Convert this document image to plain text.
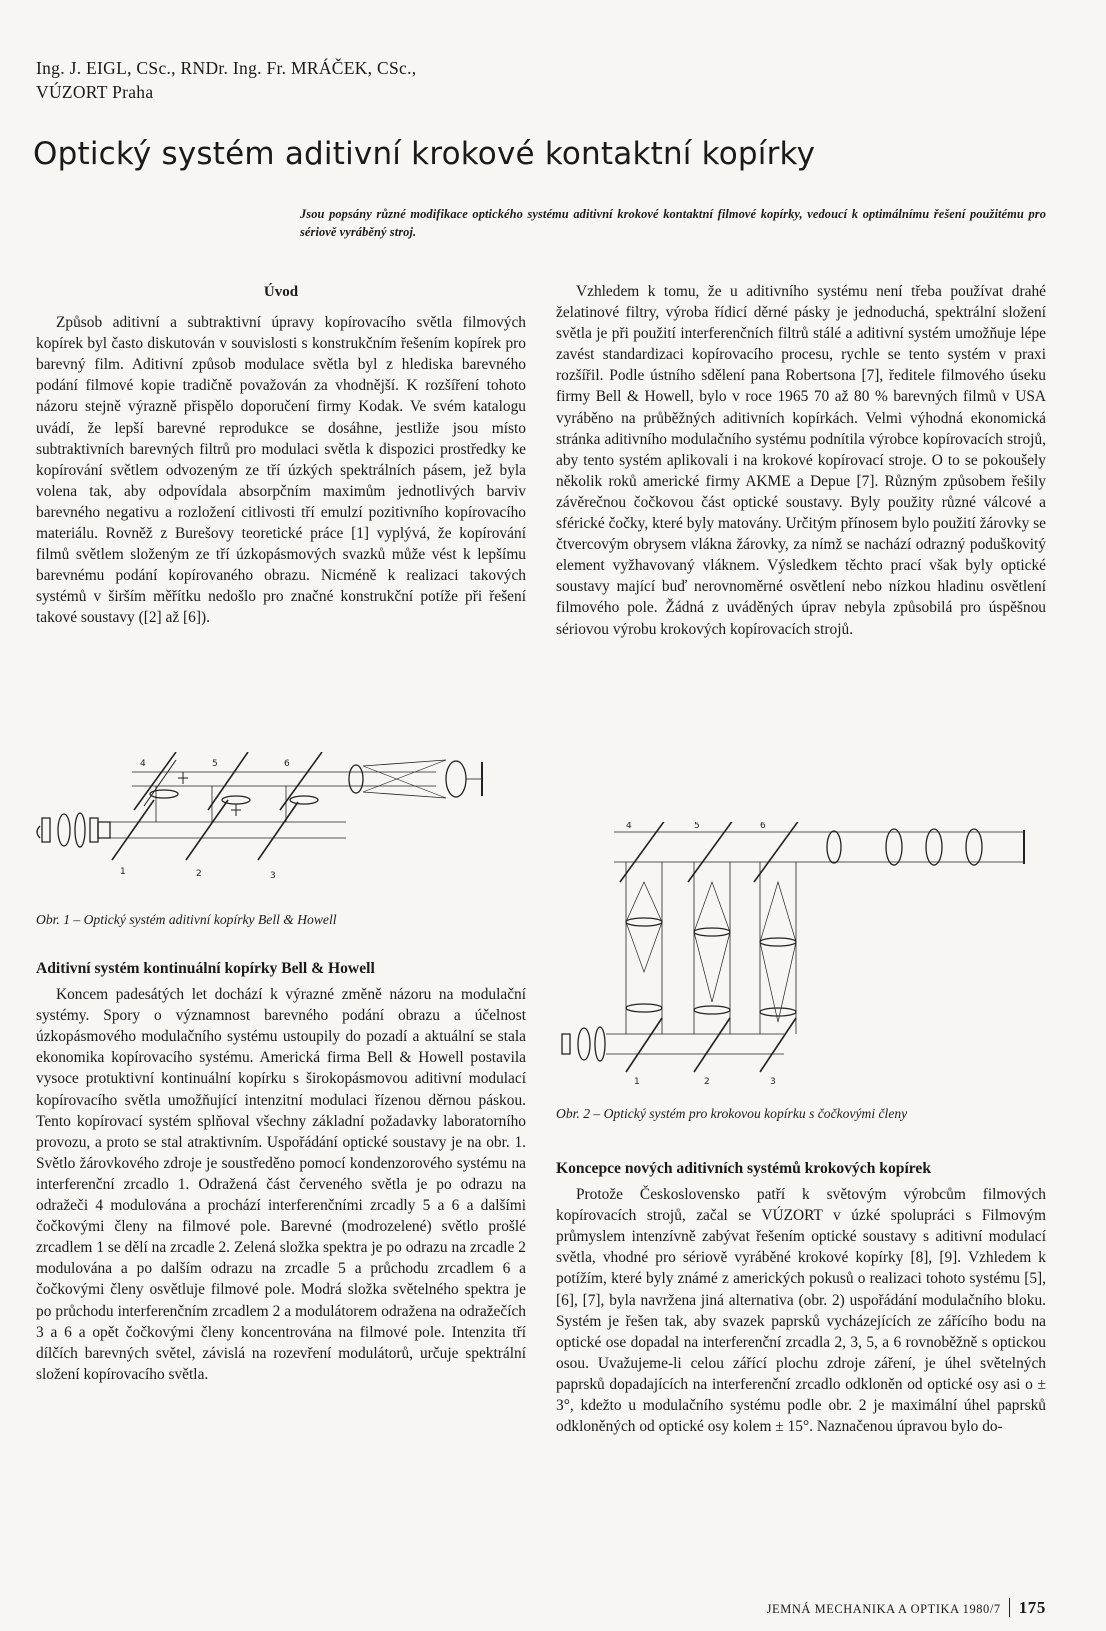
Ing. J. EIGL, CSc., RNDr. Ing. Fr. MRÁČEK, CSc.,
VÚZORT Praha
Optický systém aditivní krokové kontaktní kopírky
Jsou popsány různé modifikace optického systému aditivní krokové kontaktní filmové kopírky, vedoucí k optimálnímu řešení použitému pro sériově vyráběný stroj.
Úvod

Způsob aditivní a subtraktivní úpravy kopírovacího světla filmových kopírek byl často diskutován v souvislosti s konstrukčním řešením kopírek pro barevný film. Aditivní způsob modulace světla byl z hlediska barevného podání filmové kopie tradičně považován za vhodnější. K rozšíření tohoto názoru stejně výrazně přispělo doporučení firmy Kodak. Ve svém katalogu uvádí, že lepší barevné reprodukce se dosáhne, jestliže jsou místo subtraktivních barevných filtrů pro modulaci světla k dispozici prostředky ke kopírování světlem odvozeným ze tří úzkých spektrálních pásem, jež byla volena tak, aby odpovídala absorpčním maximům jednotlivých barviv barevného negativu a rozložení citlivosti tří emulzí pozitivního kopírovacího materiálu. Rovněž z Burešovy teoretické práce [1] vyplývá, že kopírování filmů světlem složeným ze tří úzkopásmových svazků může vést k lepšímu barevnému podání kopírovaného obrazu. Nicméně k realizaci takových systémů v širším měřítku nedošlo pro značné konstrukční potíže při řešení takové soustavy ([2] až [6]).

Vzhledem k tomu, že u aditivního systému není třeba používat drahé želatinové filtry, výroba řídicí děrné pásky je jednoduchá, spektrální složení světla je při použití interferenčních filtrů stálé a aditivní systém umožňuje lépe zavést standardizaci kopírovacího procesu, rychle se tento systém v praxi rozšířil. Podle ústního sdělení pana Robertsona [7], ředitele filmového úseku firmy Bell & Howell, bylo v roce 1965 70 až 80 % barevných filmů v USA vyráběno na průběžných aditivních kopírkách. Velmi výhodná ekonomická stránka aditivního modulačního systému podnítila výrobce kopírovacích strojů, aby tento systém aplikovali i na krokové kopírovací stroje. O to se pokoušely několik roků americké firmy AKME a Depue [7]. Různým způsobem řešily závěrečnou čočkovou část optické soustavy. Byly použity různé válcové a sférické čočky, které byly matovány. Určitým přínosem bylo použití žárovky se čtvercovým obrysem vlákna žárovky, za nímž se nachází odrazný poduškovitý element vyžhavovaný vláknem. Výsledkem těchto prací však byly optické soustavy mající buď nerovnoměrné osvětlení nebo nízkou hladinu osvětlení filmového pole. Žádná z uváděných úprav nebyla způsobilá pro úspěšnou sériovou výrobu krokových kopírovacích strojů.

4	5	6
1	2	3
Obr. 1 – Optický systém aditivní kopírky Bell & Howell
Aditivní systém kontinuální kopírky Bell & Howell

Koncem padesátých let dochází k výrazné změně názoru na modulační systémy. Spory o významnost barevného podání obrazu a účelnost úzkopásmového modulačního systému ustoupily do pozadí a aktuální se stala ekonomika kopírovacího systému. Americká firma Bell & Howell postavila vysoce protuktivní kontinuální kopírku s širokopásmovou aditivní modulací kopírovacího světla umožňující intenzitní modulaci řízenou děrnou páskou. Tento kopírovací systém splňoval všechny základní požadavky laboratorního provozu, a proto se stal atraktivním. Uspořádání optické soustavy je na obr. 1. Světlo žárovkového zdroje je soustředěno pomocí kondenzorového systému na interferenční zrcadlo 1. Odražená část červeného světla je po odrazu na odražeči 4 modulována a prochází interferenčními zrcadly 5 a 6 a dalšími čočkovými členy na filmové pole. Barevné (modrozelené) světlo prošlé zrcadlem 1 se dělí na zrcadle 2. Zelená složka spektra je po odrazu na zrcadle 2 modulována a po dalším odrazu na zrcadle 5 a průchodu zrcadlem 6 a čočkovými členy osvětluje filmové pole. Modrá složka světelného spektra je po průchodu interferenčním zrcadlem 2 a modulátorem odražena na odražečích 3 a 6 a opět čočkovými členy koncentrována na filmové pole. Intenzita tří dílčích barevných světel, závislá na rozevření modulátorů, určuje spektrální složení kopírovacího světla.

4	5	6
1	2	3
Obr. 2 – Optický systém pro krokovou kopírku s čočkovými členy
Koncepce nových aditivních systémů krokových kopírek

Protože Československo patří k světovým výrobcům filmových kopírovacích strojů, začal se VÚZORT v úzké spolupráci s Filmovým průmyslem intenzívně zabývat řešením optické soustavy s aditivní modulací světla, vhodné pro sériově vyráběné krokové kopírky [8], [9]. Vzhledem k potížím, které byly známé z amerických pokusů o realizaci tohoto systému [5], [6], [7], byla navržena jiná alternativa (obr. 2) uspořádání modulačního bloku. Systém je řešen tak, aby svazek paprsků vycházejících ze zářícího bodu na optické ose dopadal na interferenční zrcadla 2, 3, 5, a 6 rovnoběžně s optickou osou. Uvažujeme-li celou zářící plochu zdroje záření, je úhel světelných paprsků dopadajících na interferenční zrcadlo odkloněn od optické osy asi o ± 3°, kdežto u modulačního systému podle obr. 2 je maximální úhel paprsků odkloněných od optické osy kolem ± 15°. Naznačenou úpravou bylo do-

JEMNÁ MECHANIKA A OPTIKA 1980/7 175
